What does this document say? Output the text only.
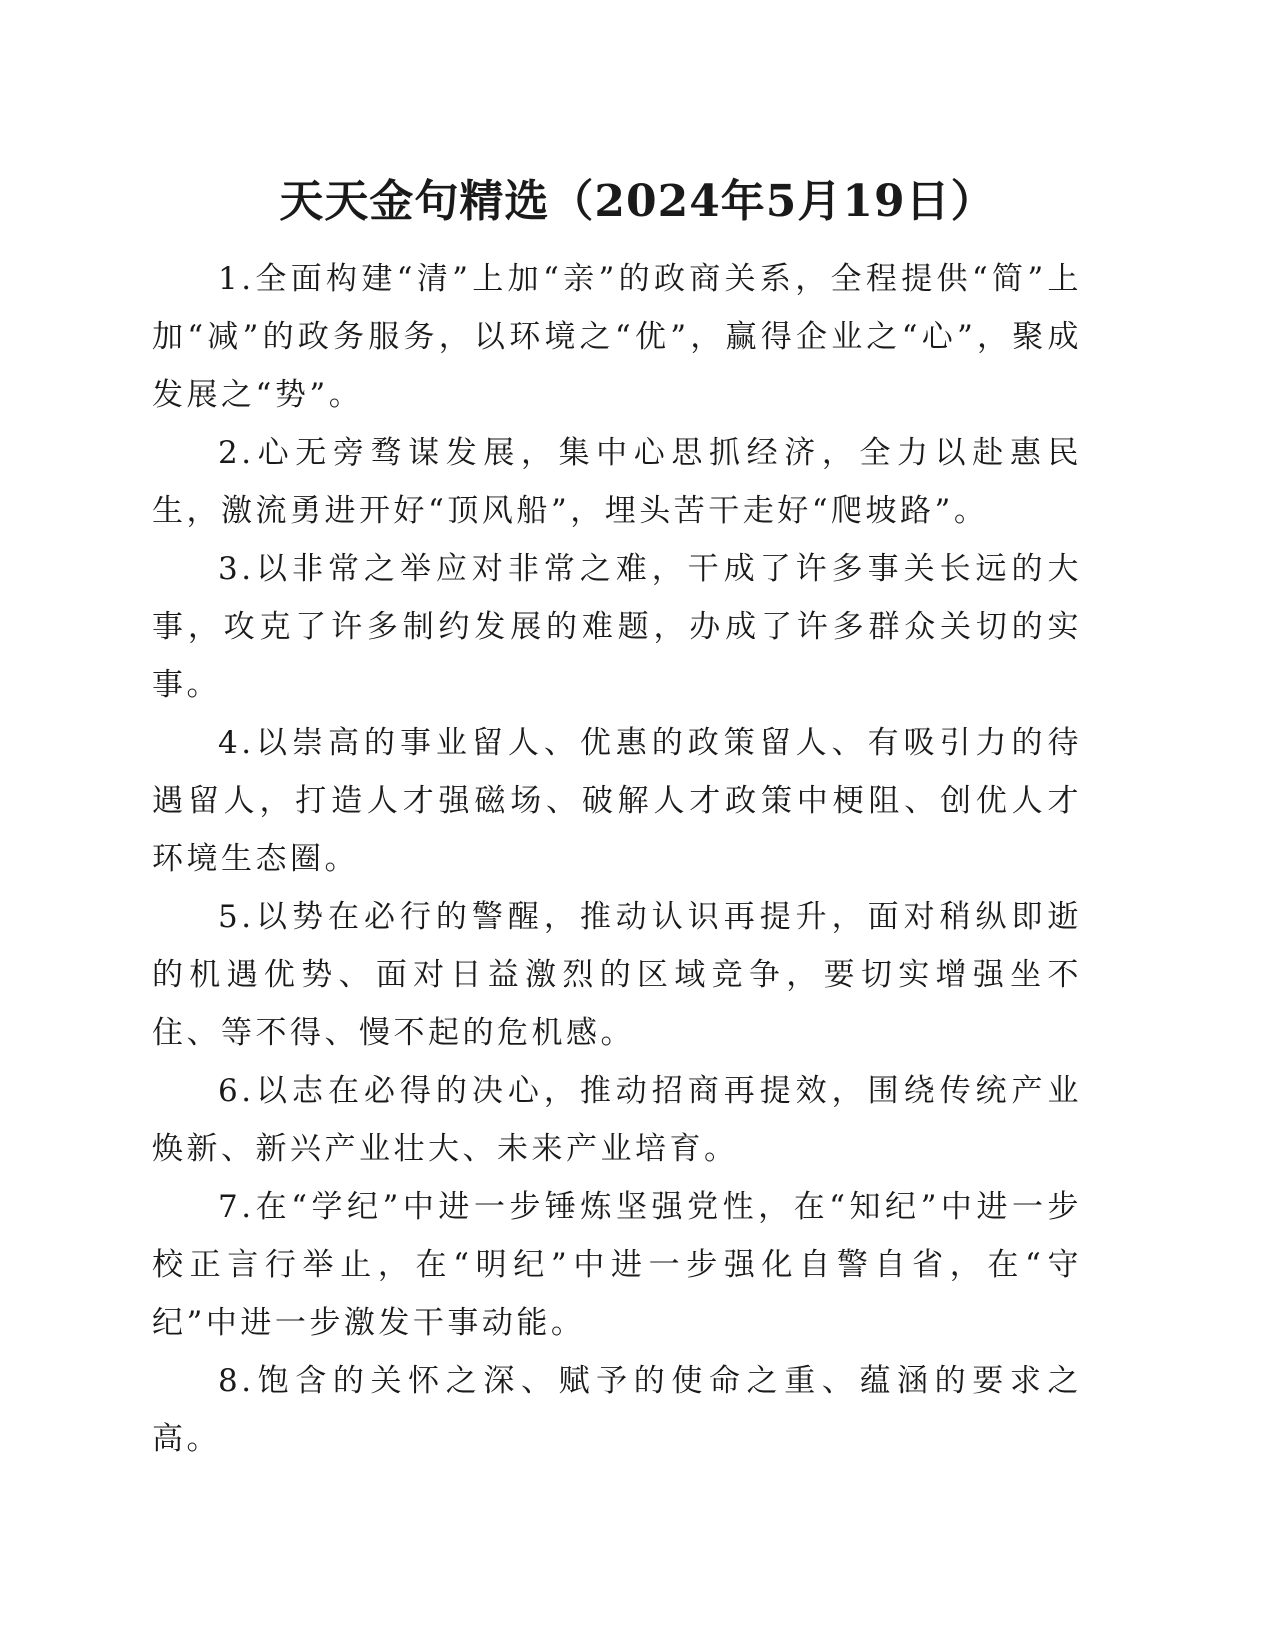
天天金句精选（2024年5月19日）

1.全面构建“清”上加“亲”的政商关系，全程提供“简”上加“减”的政务服务，以环境之“优”，赢得企业之“心”，聚成发展之“势”。

2.心无旁骛谋发展，集中心思抓经济，全力以赴惠民生，激流勇进开好“顶风船”，埋头苦干走好“爬坡路”。

3.以非常之举应对非常之难，干成了许多事关长远的大事，攻克了许多制约发展的难题，办成了许多群众关切的实事。

4.以崇高的事业留人、优惠的政策留人、有吸引力的待遇留人，打造人才强磁场、破解人才政策中梗阻、创优人才环境生态圈。

5.以势在必行的警醒，推动认识再提升，面对稍纵即逝的机遇优势、面对日益激烈的区域竞争，要切实增强坐不住、等不得、慢不起的危机感。

6.以志在必得的决心，推动招商再提效，围绕传统产业焕新、新兴产业壮大、未来产业培育。

7.在“学纪”中进一步锤炼坚强党性，在“知纪”中进一步校正言行举止，在“明纪”中进一步强化自警自省，在“守纪”中进一步激发干事动能。

8.饱含的关怀之深、赋予的使命之重、蕴涵的要求之高。
